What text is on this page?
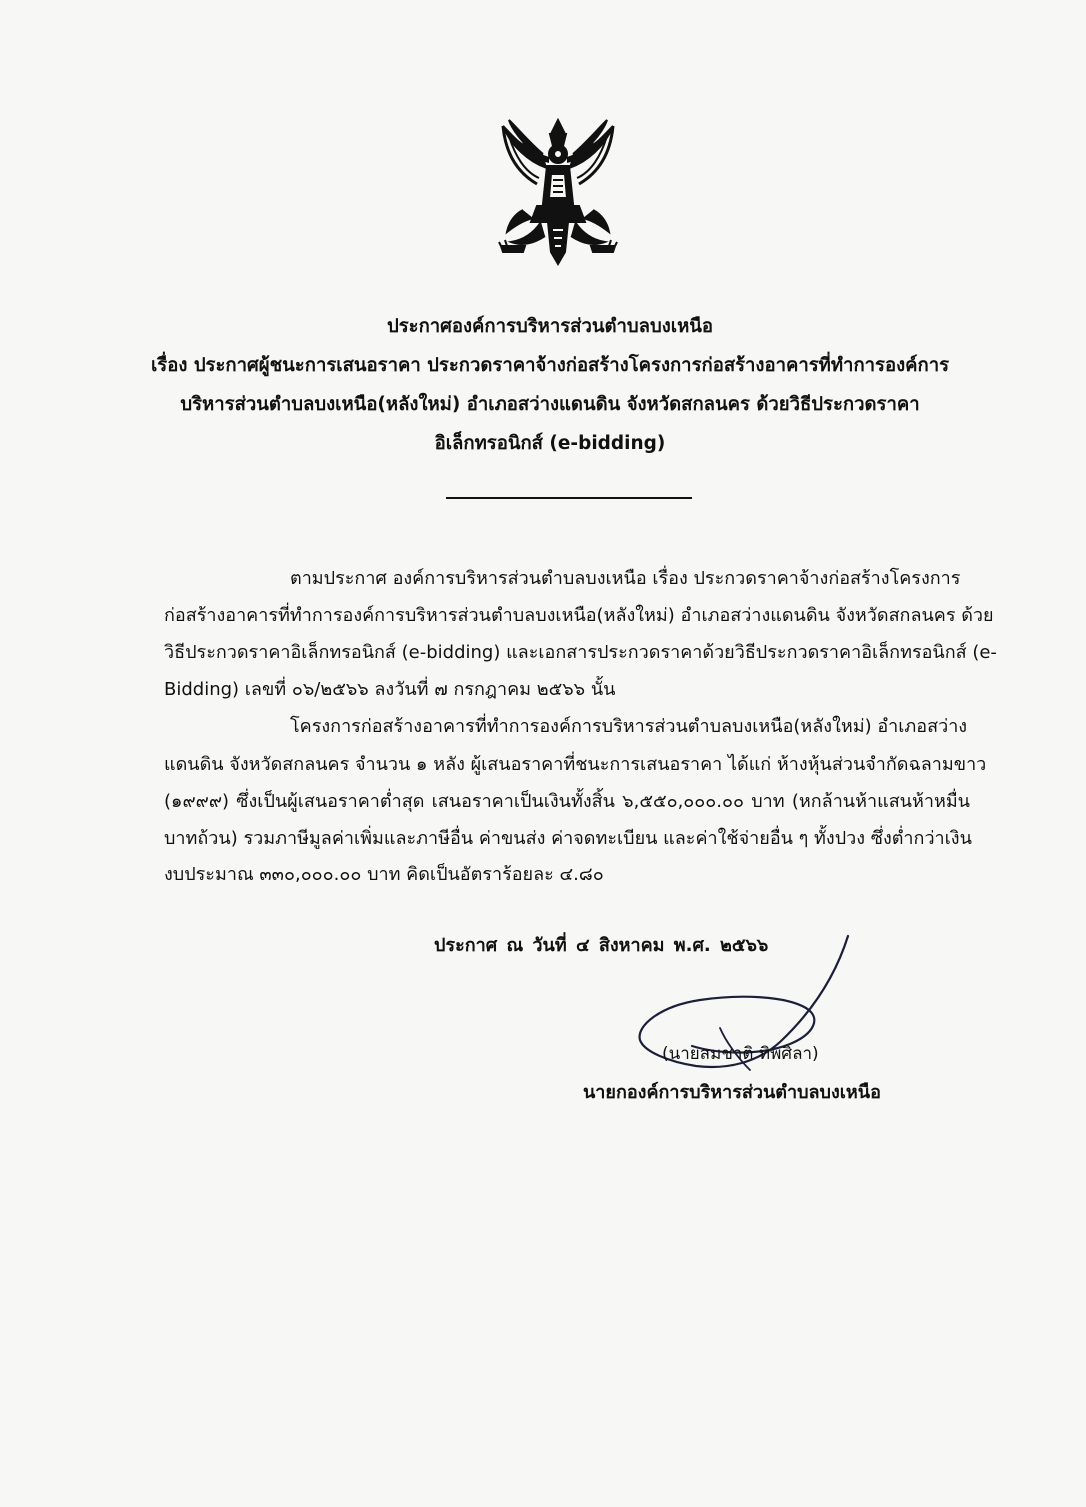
ประกาศองค์การบริหารส่วนตำบลบงเหนือ
เรื่อง ประกาศผู้ชนะการเสนอราคา ประกวดราคาจ้างก่อสร้างโครงการก่อสร้างอาคารที่ทำการองค์การ
บริหารส่วนตำบลบงเหนือ(หลังใหม่) อำเภอสว่างแดนดิน จังหวัดสกลนคร ด้วยวิธีประกวดราคา
อิเล็กทรอนิกส์ (e-bidding)
ตามประกาศ องค์การบริหารส่วนตำบลบงเหนือ เรื่อง ประกวดราคาจ้างก่อสร้างโครงการ
ก่อสร้างอาคารที่ทำการองค์การบริหารส่วนตำบลบงเหนือ(หลังใหม่) อำเภอสว่างแดนดิน จังหวัดสกลนคร ด้วย
วิธีประกวดราคาอิเล็กทรอนิกส์ (e-bidding) และเอกสารประกวดราคาด้วยวิธีประกวดราคาอิเล็กทรอนิกส์ (e-
Bidding) เลขที่ ๐๖/๒๕๖๖ ลงวันที่ ๗ กรกฎาคม ๒๕๖๖ นั้น
โครงการก่อสร้างอาคารที่ทำการองค์การบริหารส่วนตำบลบงเหนือ(หลังใหม่) อำเภอสว่าง
แดนดิน จังหวัดสกลนคร จำนวน ๑ หลัง ผู้เสนอราคาที่ชนะการเสนอราคา ได้แก่ ห้างหุ้นส่วนจำกัดฉลามขาว
(๑๙๙๙) ซึ่งเป็นผู้เสนอราคาต่ำสุด เสนอราคาเป็นเงินทั้งสิ้น ๖,๕๕๐,๐๐๐.๐๐ บาท (หกล้านห้าแสนห้าหมื่น
บาทถ้วน) รวมภาษีมูลค่าเพิ่มและภาษีอื่น ค่าขนส่ง ค่าจดทะเบียน และค่าใช้จ่ายอื่น ๆ ทั้งปวง ซึ่งต่ำกว่าเงิน
งบประมาณ ๓๓๐,๐๐๐.๐๐ บาท คิดเป็นอัตราร้อยละ ๔.๘๐
ประกาศ ณ วันที่ ๔ สิงหาคม พ.ศ. ๒๕๖๖
(นายสมชาติ ทิพศิลา)
นายกองค์การบริหารส่วนตำบลบงเหนือ
